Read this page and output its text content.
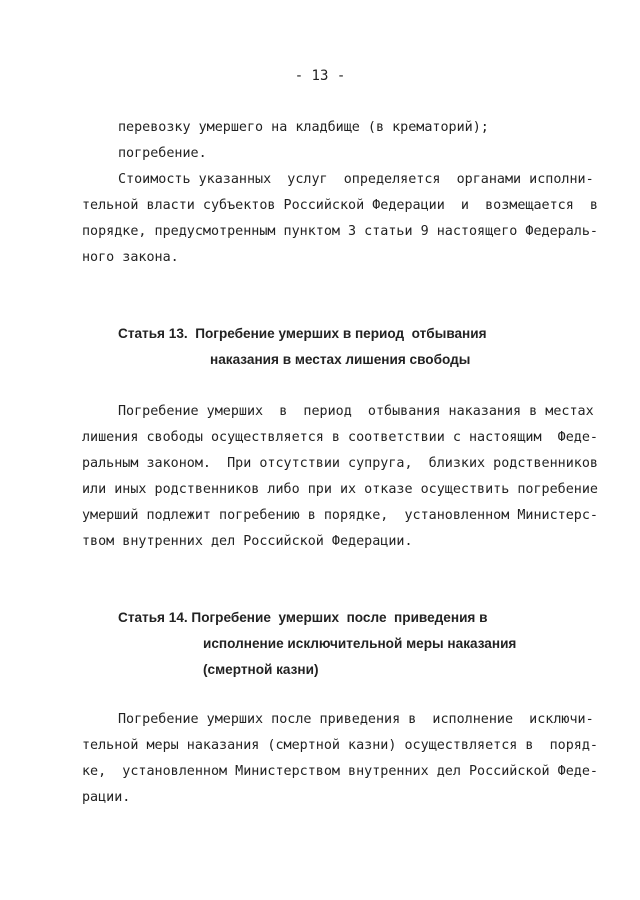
- 13 -
перевозку умершего на кладбище (в крематорий);
погребение.
Стоимость указанных  услуг  определяется  органами исполни-
тельной власти субъектов Российской Федерации  и  возмещается  в
порядке, предусмотренным пунктом 3 статьи 9 настоящего Федераль-
ного закона.
Статья 13.  Погребение умерших в период  отбывания
наказания в местах лишения свободы
Погребение умерших  в  период  отбывания наказания в местах
лишения свободы осуществляется в соответствии с настоящим  Феде-
ральным законом.  При отсутствии супруга,  близких родственников
или иных родственников либо при их отказе осуществить погребение
умерший подлежит погребению в порядке,  установленном Министерс-
твом внутренних дел Российской Федерации.
Статья 14. Погребение  умерших  после  приведения в
исполнение исключительной меры наказания
(смертной казни)
Погребение умерших после приведения в  исполнение  исключи-
тельной меры наказания (смертной казни) осуществляется в  поряд-
ке,  установленном Министерством внутренних дел Российской Феде-
рации.
